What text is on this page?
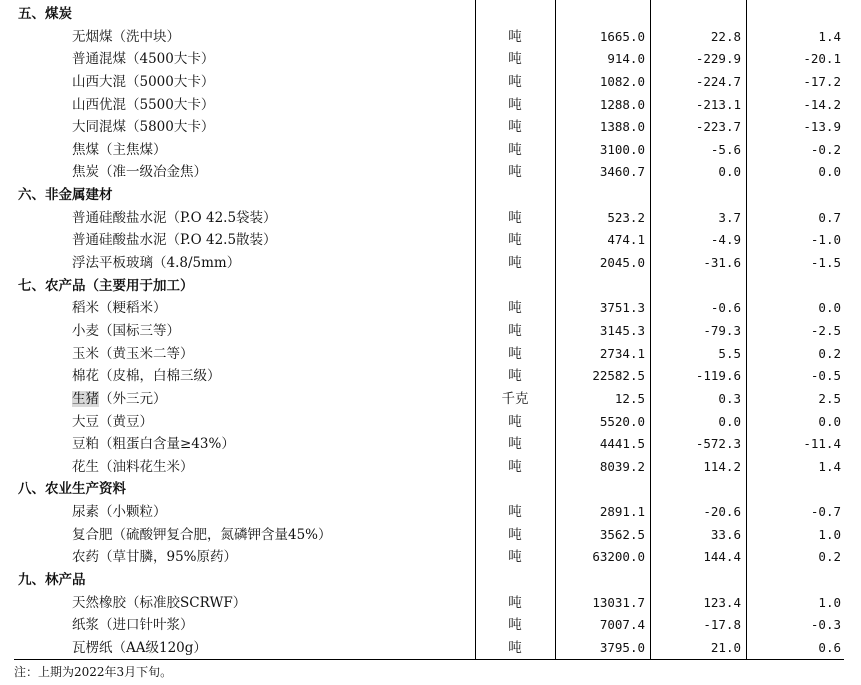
五、煤炭
无烟煤（洗中块）	吨	1665.0	22.8	1.4
普通混煤（4500大卡）	吨	914.0	-229.9	-20.1
山西大混（5000大卡）	吨	1082.0	-224.7	-17.2
山西优混（5500大卡）	吨	1288.0	-213.1	-14.2
大同混煤（5800大卡）	吨	1388.0	-223.7	-13.9
焦煤（主焦煤）	吨	3100.0	-5.6	-0.2
焦炭（准一级冶金焦）	吨	3460.7	0.0	0.0
六、非金属建材
普通硅酸盐水泥（P.O 42.5袋装）	吨	523.2	3.7	0.7
普通硅酸盐水泥（P.O 42.5散装）	吨	474.1	-4.9	-1.0
浮法平板玻璃（4.8/5mm）	吨	2045.0	-31.6	-1.5
七、农产品（主要用于加工）
稻米（粳稻米）	吨	3751.3	-0.6	0.0
小麦（国标三等）	吨	3145.3	-79.3	-2.5
玉米（黄玉米二等）	吨	2734.1	5.5	0.2
棉花（皮棉，白棉三级）	吨	22582.5	-119.6	-0.5
生猪（外三元）	千克	12.5	0.3	2.5
大豆（黄豆）	吨	5520.0	0.0	0.0
豆粕（粗蛋白含量≥43%）	吨	4441.5	-572.3	-11.4
花生（油料花生米）	吨	8039.2	114.2	1.4
八、农业生产资料
尿素（小颗粒）	吨	2891.1	-20.6	-0.7
复合肥（硫酸钾复合肥，氮磷钾含量45%）	吨	3562.5	33.6	1.0
农药（草甘膦，95%原药）	吨	63200.0	144.4	0.2
九、林产品
天然橡胶（标准胶SCRWF）	吨	13031.7	123.4	1.0
纸浆（进口针叶浆）	吨	7007.4	-17.8	-0.3
瓦楞纸（AA级120g）	吨	3795.0	21.0	0.6
注：上期为2022年3月下旬。
